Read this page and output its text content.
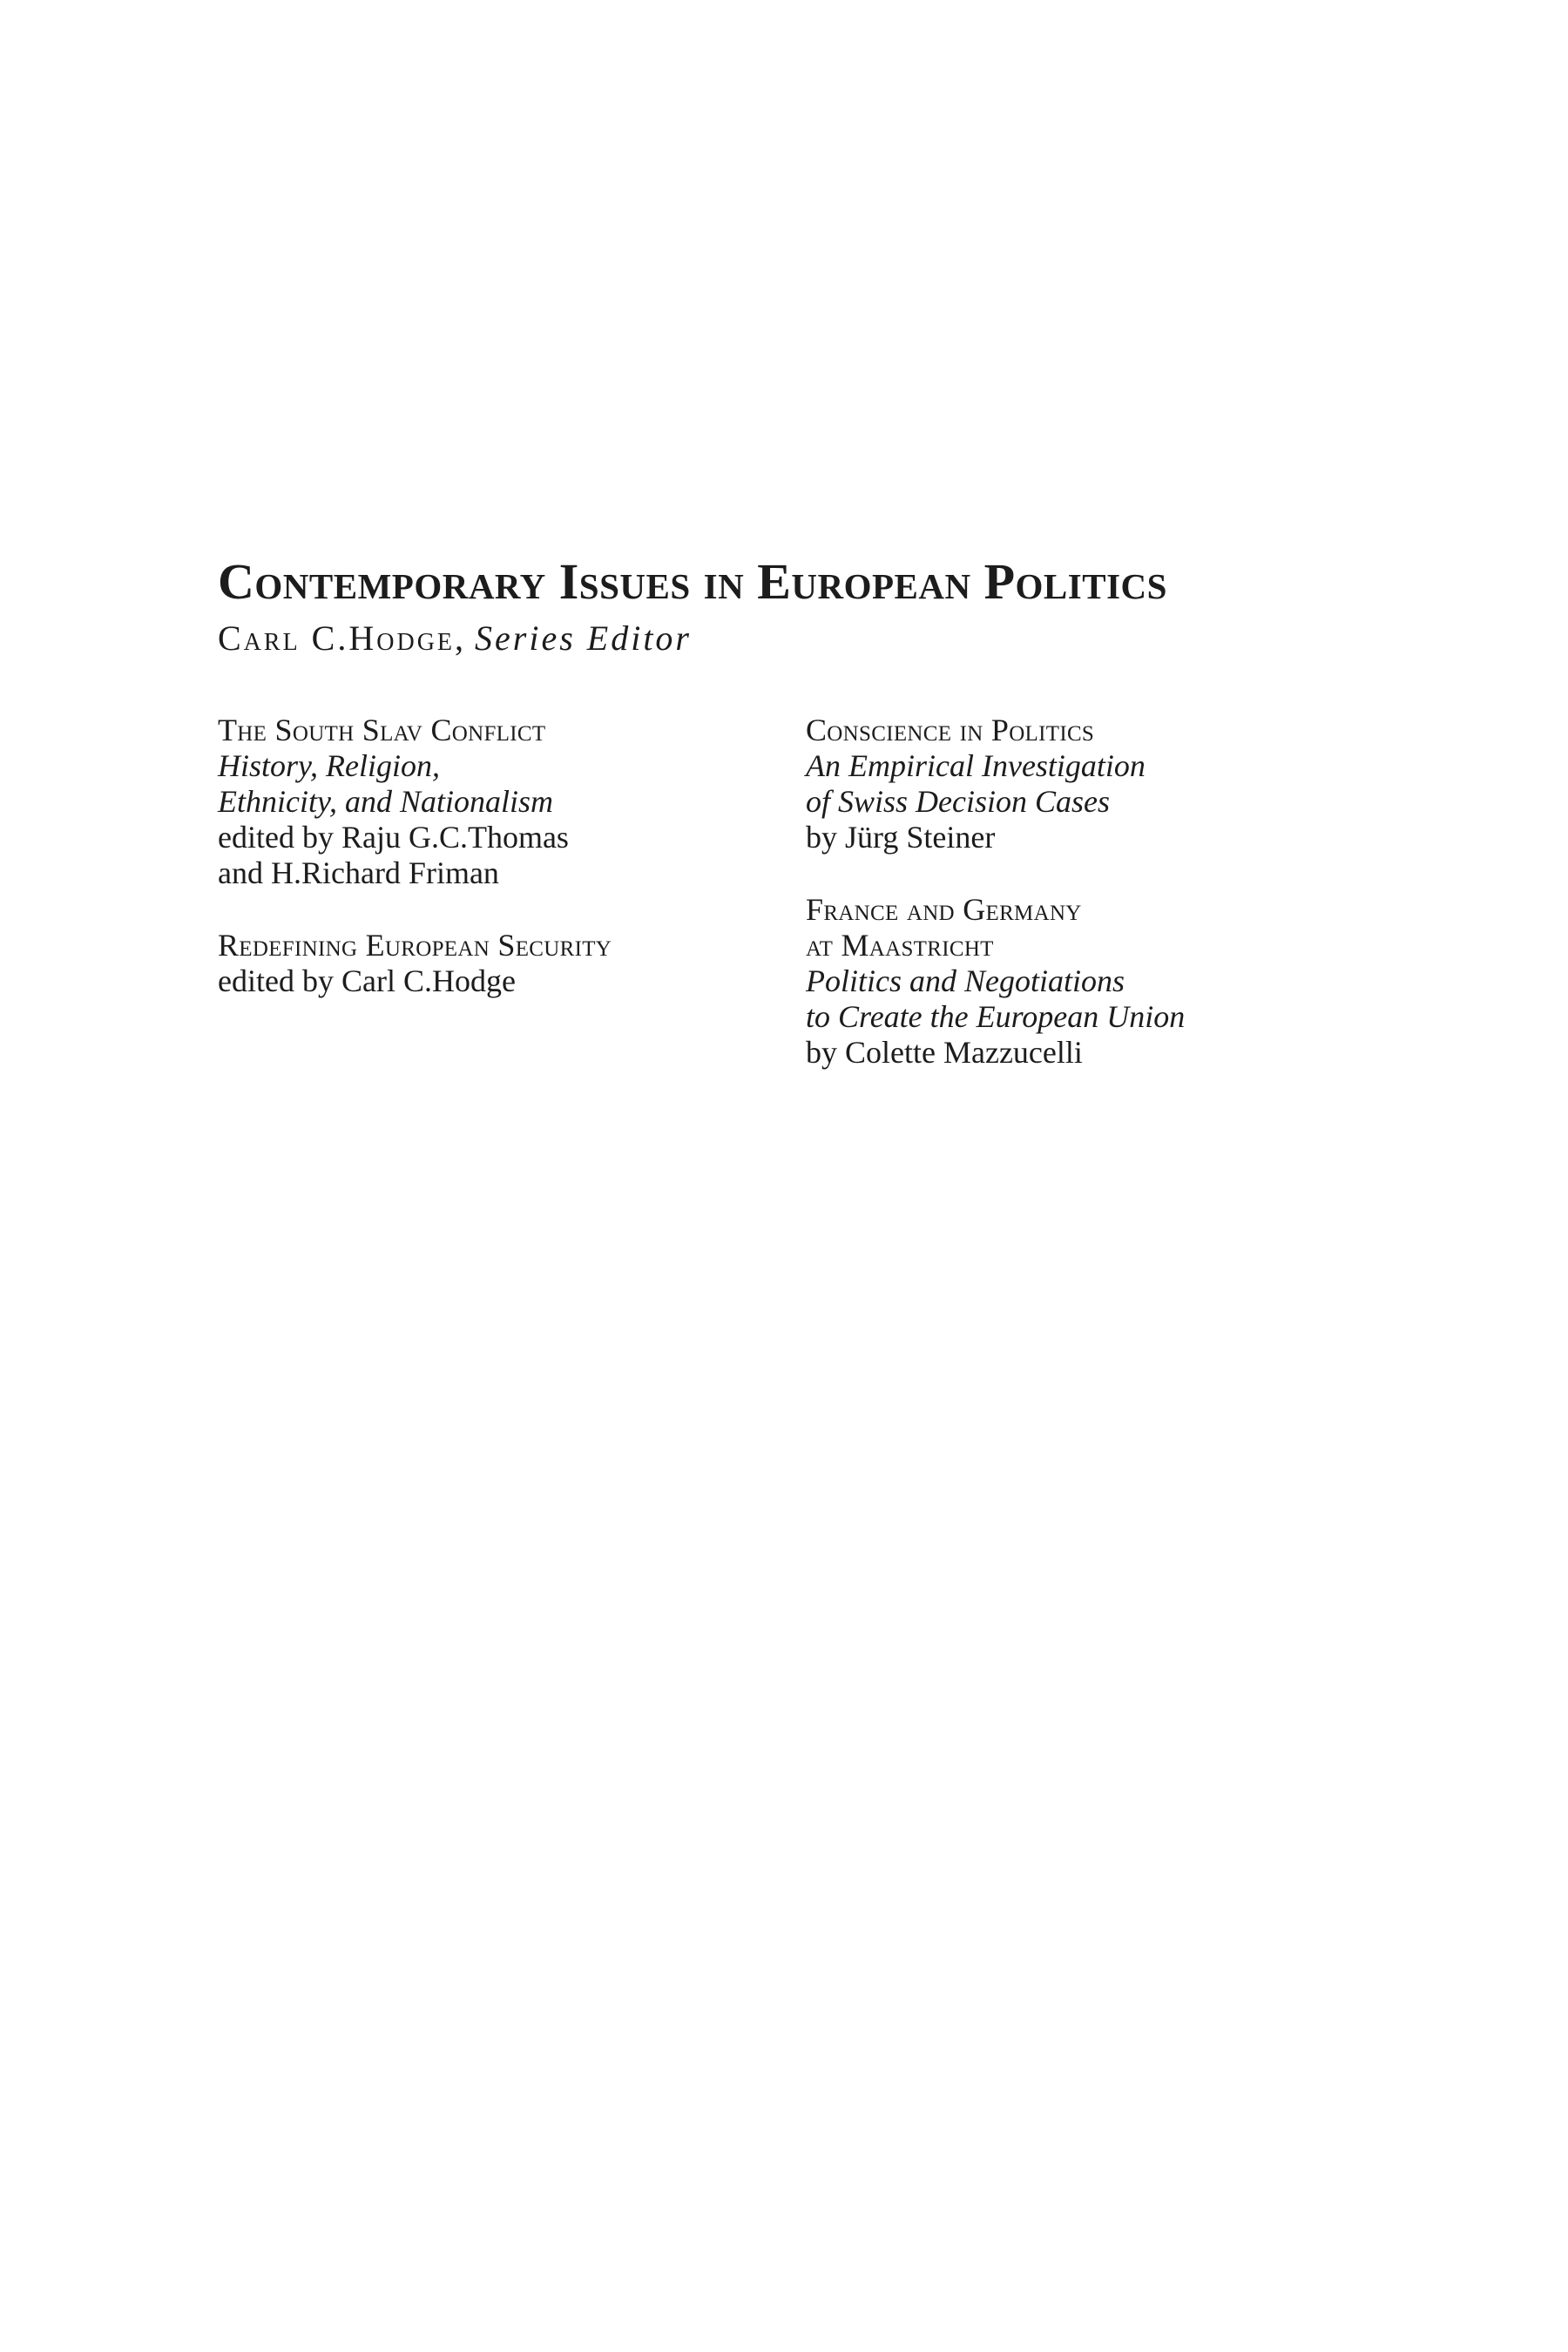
Contemporary Issues in European Politics

Carl C.Hodge, Series Editor

The South Slav Conflict
History, Religion,
Ethnicity, and Nationalism
edited by Raju G.C.Thomas
and H.Richard Friman
Redefining European Security
edited by Carl C.Hodge
Conscience in Politics
An Empirical Investigation
of Swiss Decision Cases
by Jürg Steiner
France and Germany
at Maastricht
Politics and Negotiations
to Create the European Union
by Colette Mazzucelli
